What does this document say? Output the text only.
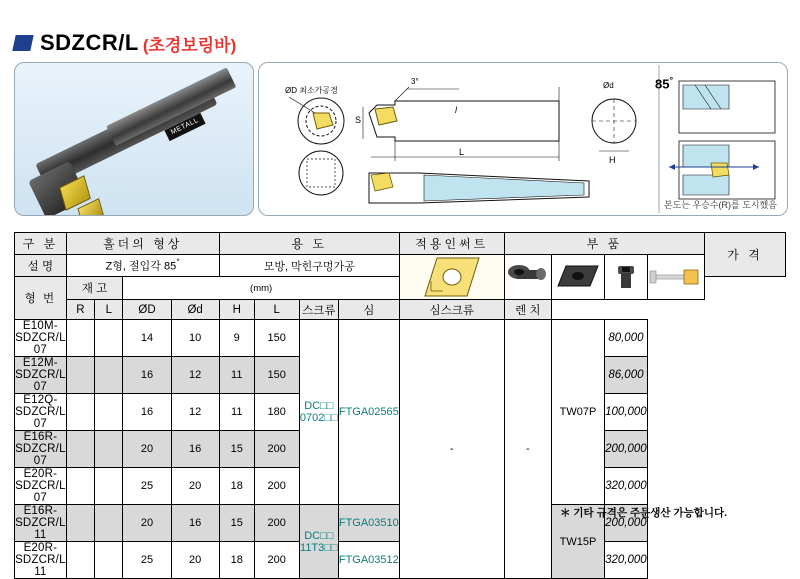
SDZCR/L (초경보링바)
METALL
ØD 최소가공경
3°
S
l
L
Ød
H
85°
본도는 우승수(R)를 도시했음
구 분	홀더의 형상				용 도				적용인써트	부 품				가 격
설 명	Z형, 절입각 85°				모방, 막힌구멍가공	

형 번	재 고		(mm)											
	R	L	ØD	Ød	H	L	스크류	심	심스크류	렌 치				
E10M-SDZCR/L 07			14	10	9	150	DC□□ 0702□□	FTGA02565	-	-	TW07P	80,000		
E12M-SDZCR/L 07			16	12	11	150						86,000		
E12Q-SDZCR/L 07			16	12	11	180						100,000		
E16R-SDZCR/L 07			20	16	15	200						200,000		
E20R-SDZCR/L 07			25	20	18	200						320,000		
E16R-SDZCR/L 11			20	16	15	200	DC□□ 11T3□□	FTGA03510			TW15P	200,000		
E20R-SDZCR/L 11			25	20	18	200		FTGA03512				320,000		
＊ 기타 규격은 주문생산 가능합니다.
